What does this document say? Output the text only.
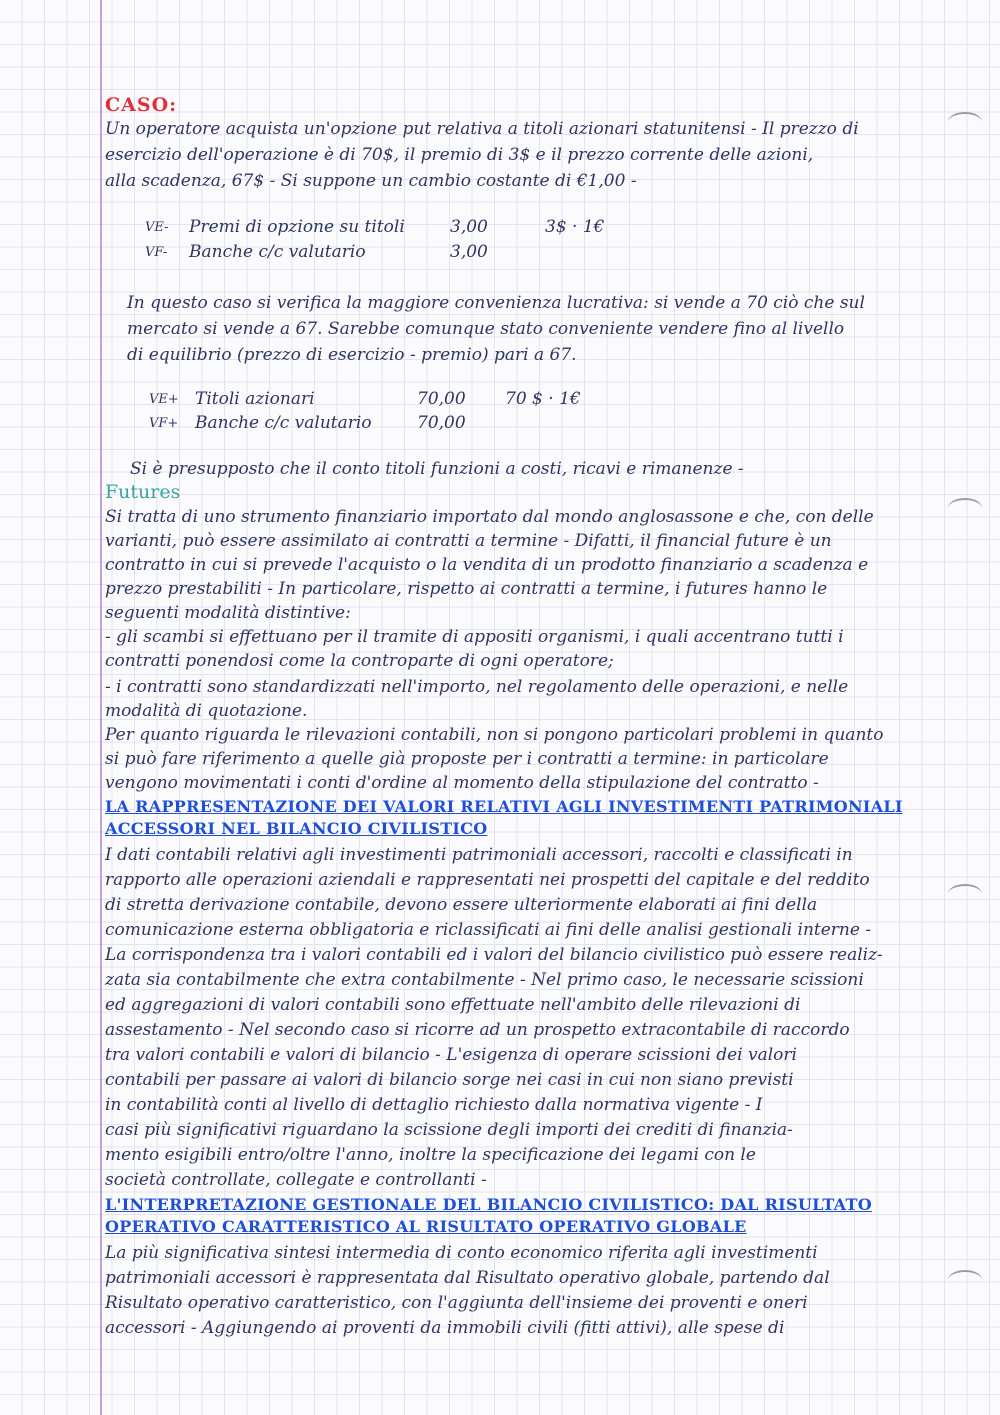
CASO:
Un operatore acquista un'opzione put relativa a titoli azionari statunitensi - Il prezzo di
esercizio dell'operazione è di 70$, il premio di 3$ e il prezzo corrente delle azioni,
alla scadenza, 67$ - Si suppone un cambio costante di €1,00 -
VE- Premi di opzione su titoli	3,00	3$ · 1€
VF- Banche c/c valutario	3,00
In questo caso si verifica la maggiore convenienza lucrativa: si vende a 70 ciò che sul
mercato si vende a 67. Sarebbe comunque stato conveniente vendere fino al livello
di equilibrio (prezzo di esercizio - premio) pari a 67.
VE+ Titoli azionari	70,00 70 $ · 1€
VF+ Banche c/c valutario	70,00
Si è presupposto che il conto titoli funzioni a costi, ricavi e rimanenze -
Futures
Si tratta di uno strumento finanziario importato dal mondo anglosassone e che, con delle
varianti, può essere assimilato ai contratti a termine - Difatti, il financial future è un
contratto in cui si prevede l'acquisto o la vendita di un prodotto finanziario a scadenza e
prezzo prestabiliti - In particolare, rispetto ai contratti a termine, i futures hanno le
seguenti modalità distintive:
- gli scambi si effettuano per il tramite di appositi organismi, i quali accentrano tutti i
contratti ponendosi come la controparte di ogni operatore;
- i contratti sono standardizzati nell'importo, nel regolamento delle operazioni, e nelle
modalità di quotazione.
Per quanto riguarda le rilevazioni contabili, non si pongono particolari problemi in quanto
si può fare riferimento a quelle già proposte per i contratti a termine: in particolare
vengono movimentati i conti d'ordine al momento della stipulazione del contratto -
LA RAPPRESENTAZIONE DEI VALORI RELATIVI AGLI INVESTIMENTI PATRIMONIALI
ACCESSORI NEL BILANCIO CIVILISTICO
I dati contabili relativi agli investimenti patrimoniali accessori, raccolti e classificati in
rapporto alle operazioni aziendali e rappresentati nei prospetti del capitale e del reddito
di stretta derivazione contabile, devono essere ulteriormente elaborati ai fini della
comunicazione esterna obbligatoria e riclassificati ai fini delle analisi gestionali interne -
La corrispondenza tra i valori contabili ed i valori del bilancio civilistico può essere realiz-
zata sia contabilmente che extra contabilmente - Nel primo caso, le necessarie scissioni
ed aggregazioni di valori contabili sono effettuate nell'ambito delle rilevazioni di
assestamento - Nel secondo caso si ricorre ad un prospetto extracontabile di raccordo
tra valori contabili e valori di bilancio - L'esigenza di operare scissioni dei valori
contabili per passare ai valori di bilancio sorge nei casi in cui non siano previsti
in contabilità conti al livello di dettaglio richiesto dalla normativa vigente - I
casi più significativi riguardano la scissione degli importi dei crediti di finanzia-
mento esigibili entro/oltre l'anno, inoltre la specificazione dei legami con le
società controllate, collegate e controllanti -
L'INTERPRETAZIONE GESTIONALE DEL BILANCIO CIVILISTICO: DAL RISULTATO
OPERATIVO CARATTERISTICO AL RISULTATO OPERATIVO GLOBALE
La più significativa sintesi intermedia di conto economico riferita agli investimenti
patrimoniali accessori è rappresentata dal Risultato operativo globale, partendo dal
Risultato operativo caratteristico, con l'aggiunta dell'insieme dei proventi e oneri
accessori - Aggiungendo ai proventi da immobili civili (fitti attivi), alle spese di
